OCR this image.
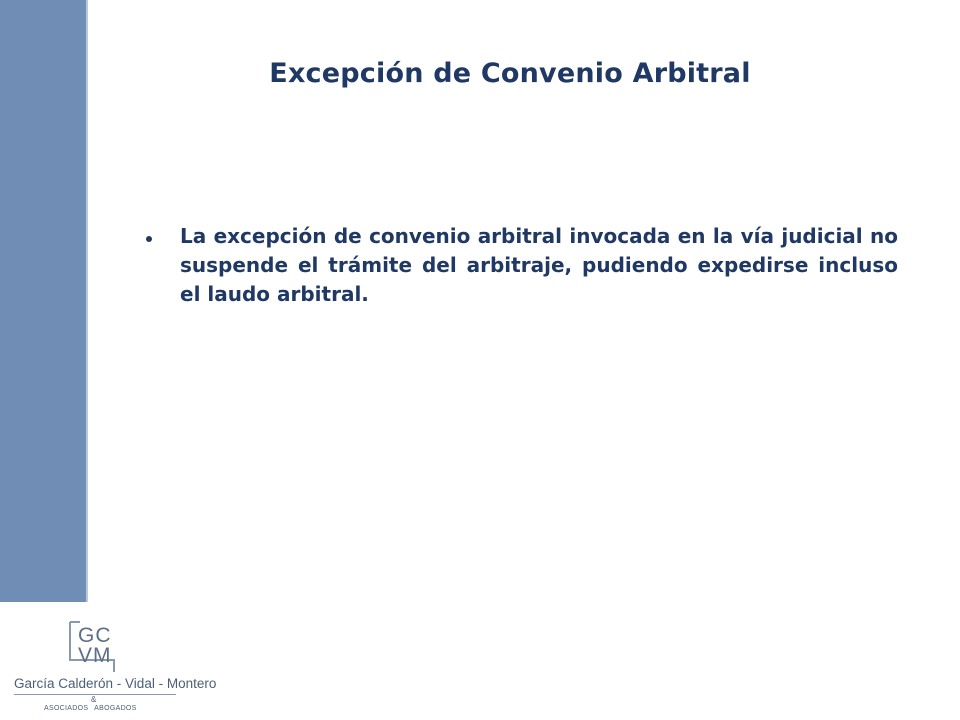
Excepción de Convenio Arbitral
La excepción de convenio arbitral invocada en la vía judicial no suspende el trámite del arbitraje, pudiendo expedirse incluso el laudo arbitral.
GC
VM
García Calderón - Vidal - Montero
&
ASOCIADOS ABOGADOS
